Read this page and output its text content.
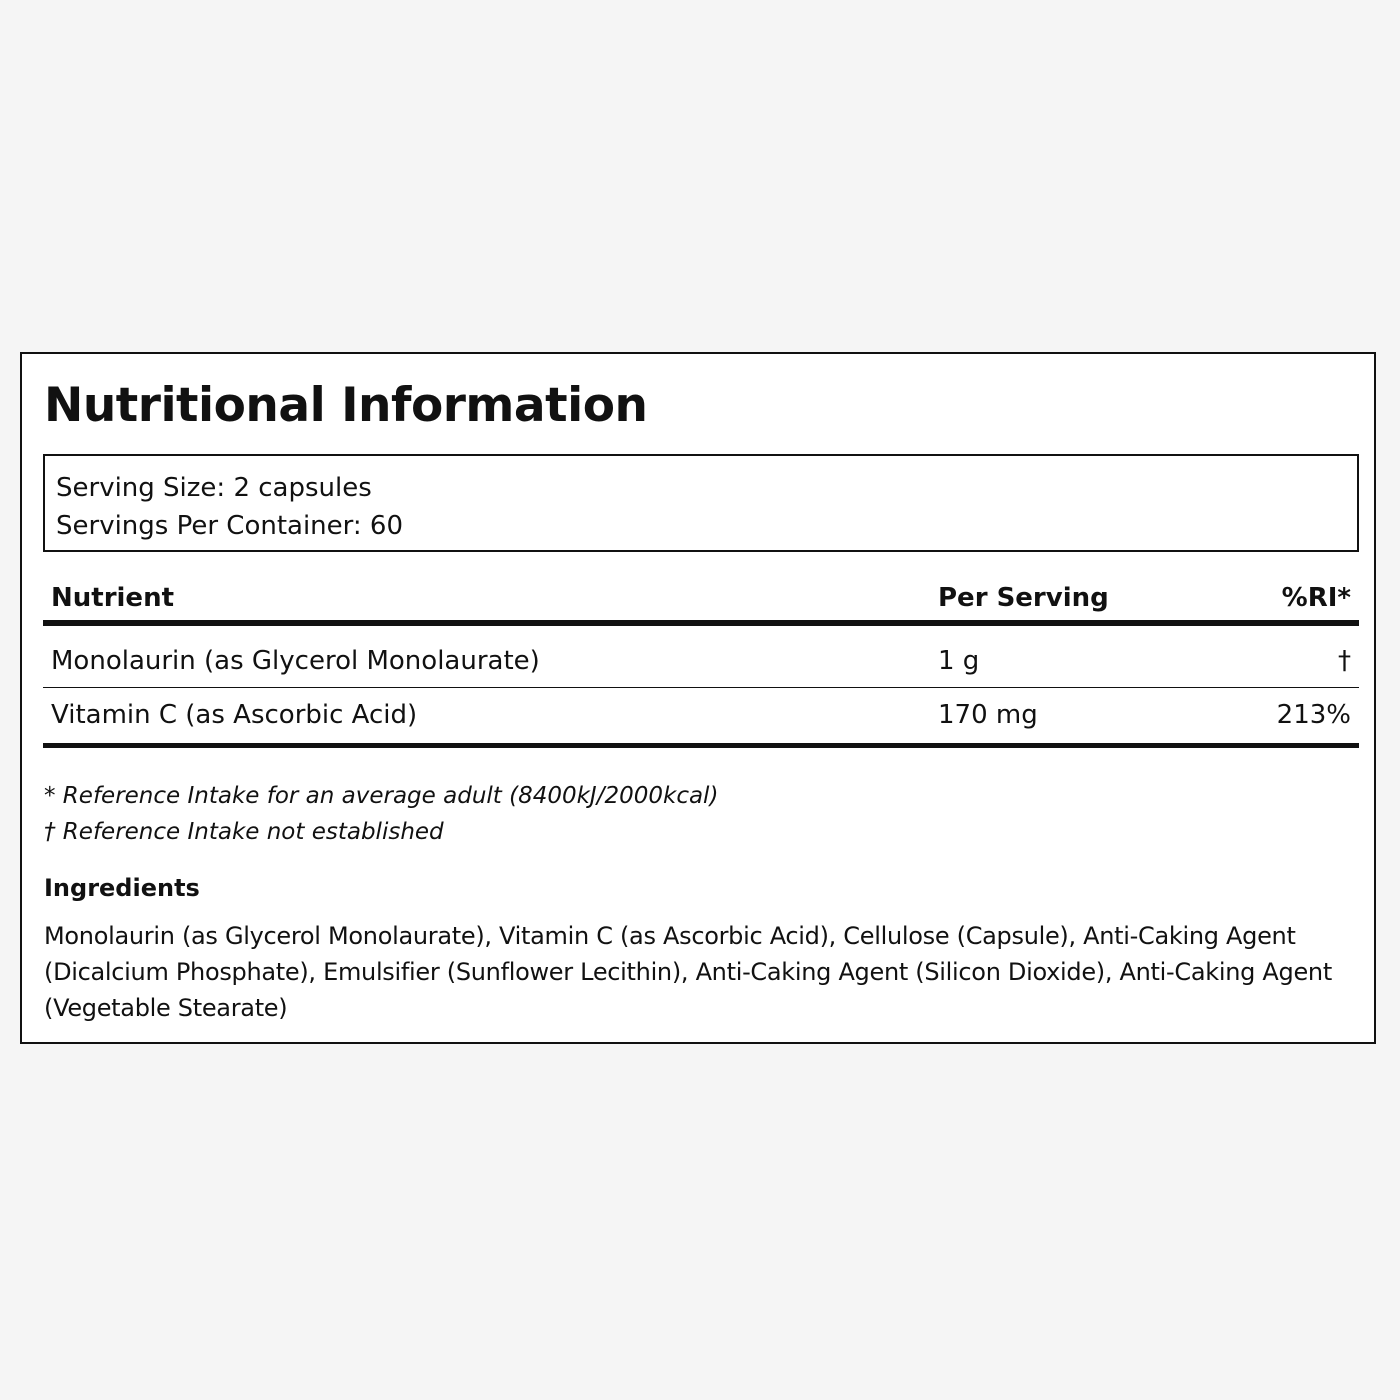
Nutritional Information
Serving Size: 2 capsules
Servings Per Container: 60
Nutrient	Per Serving	%RI*
Monolaurin (as Glycerol Monolaurate)	1 g	†
Vitamin C (as Ascorbic Acid)	170 mg	213%
* Reference Intake for an average adult (8400kJ/2000kcal)
† Reference Intake not established
Ingredients
Monolaurin (as Glycerol Monolaurate), Vitamin C (as Ascorbic Acid), Cellulose (Capsule), Anti-Caking Agent (Dicalcium Phosphate), Emulsifier (Sunflower Lecithin), Anti-Caking Agent (Silicon Dioxide), Anti-Caking Agent (Vegetable Stearate)
